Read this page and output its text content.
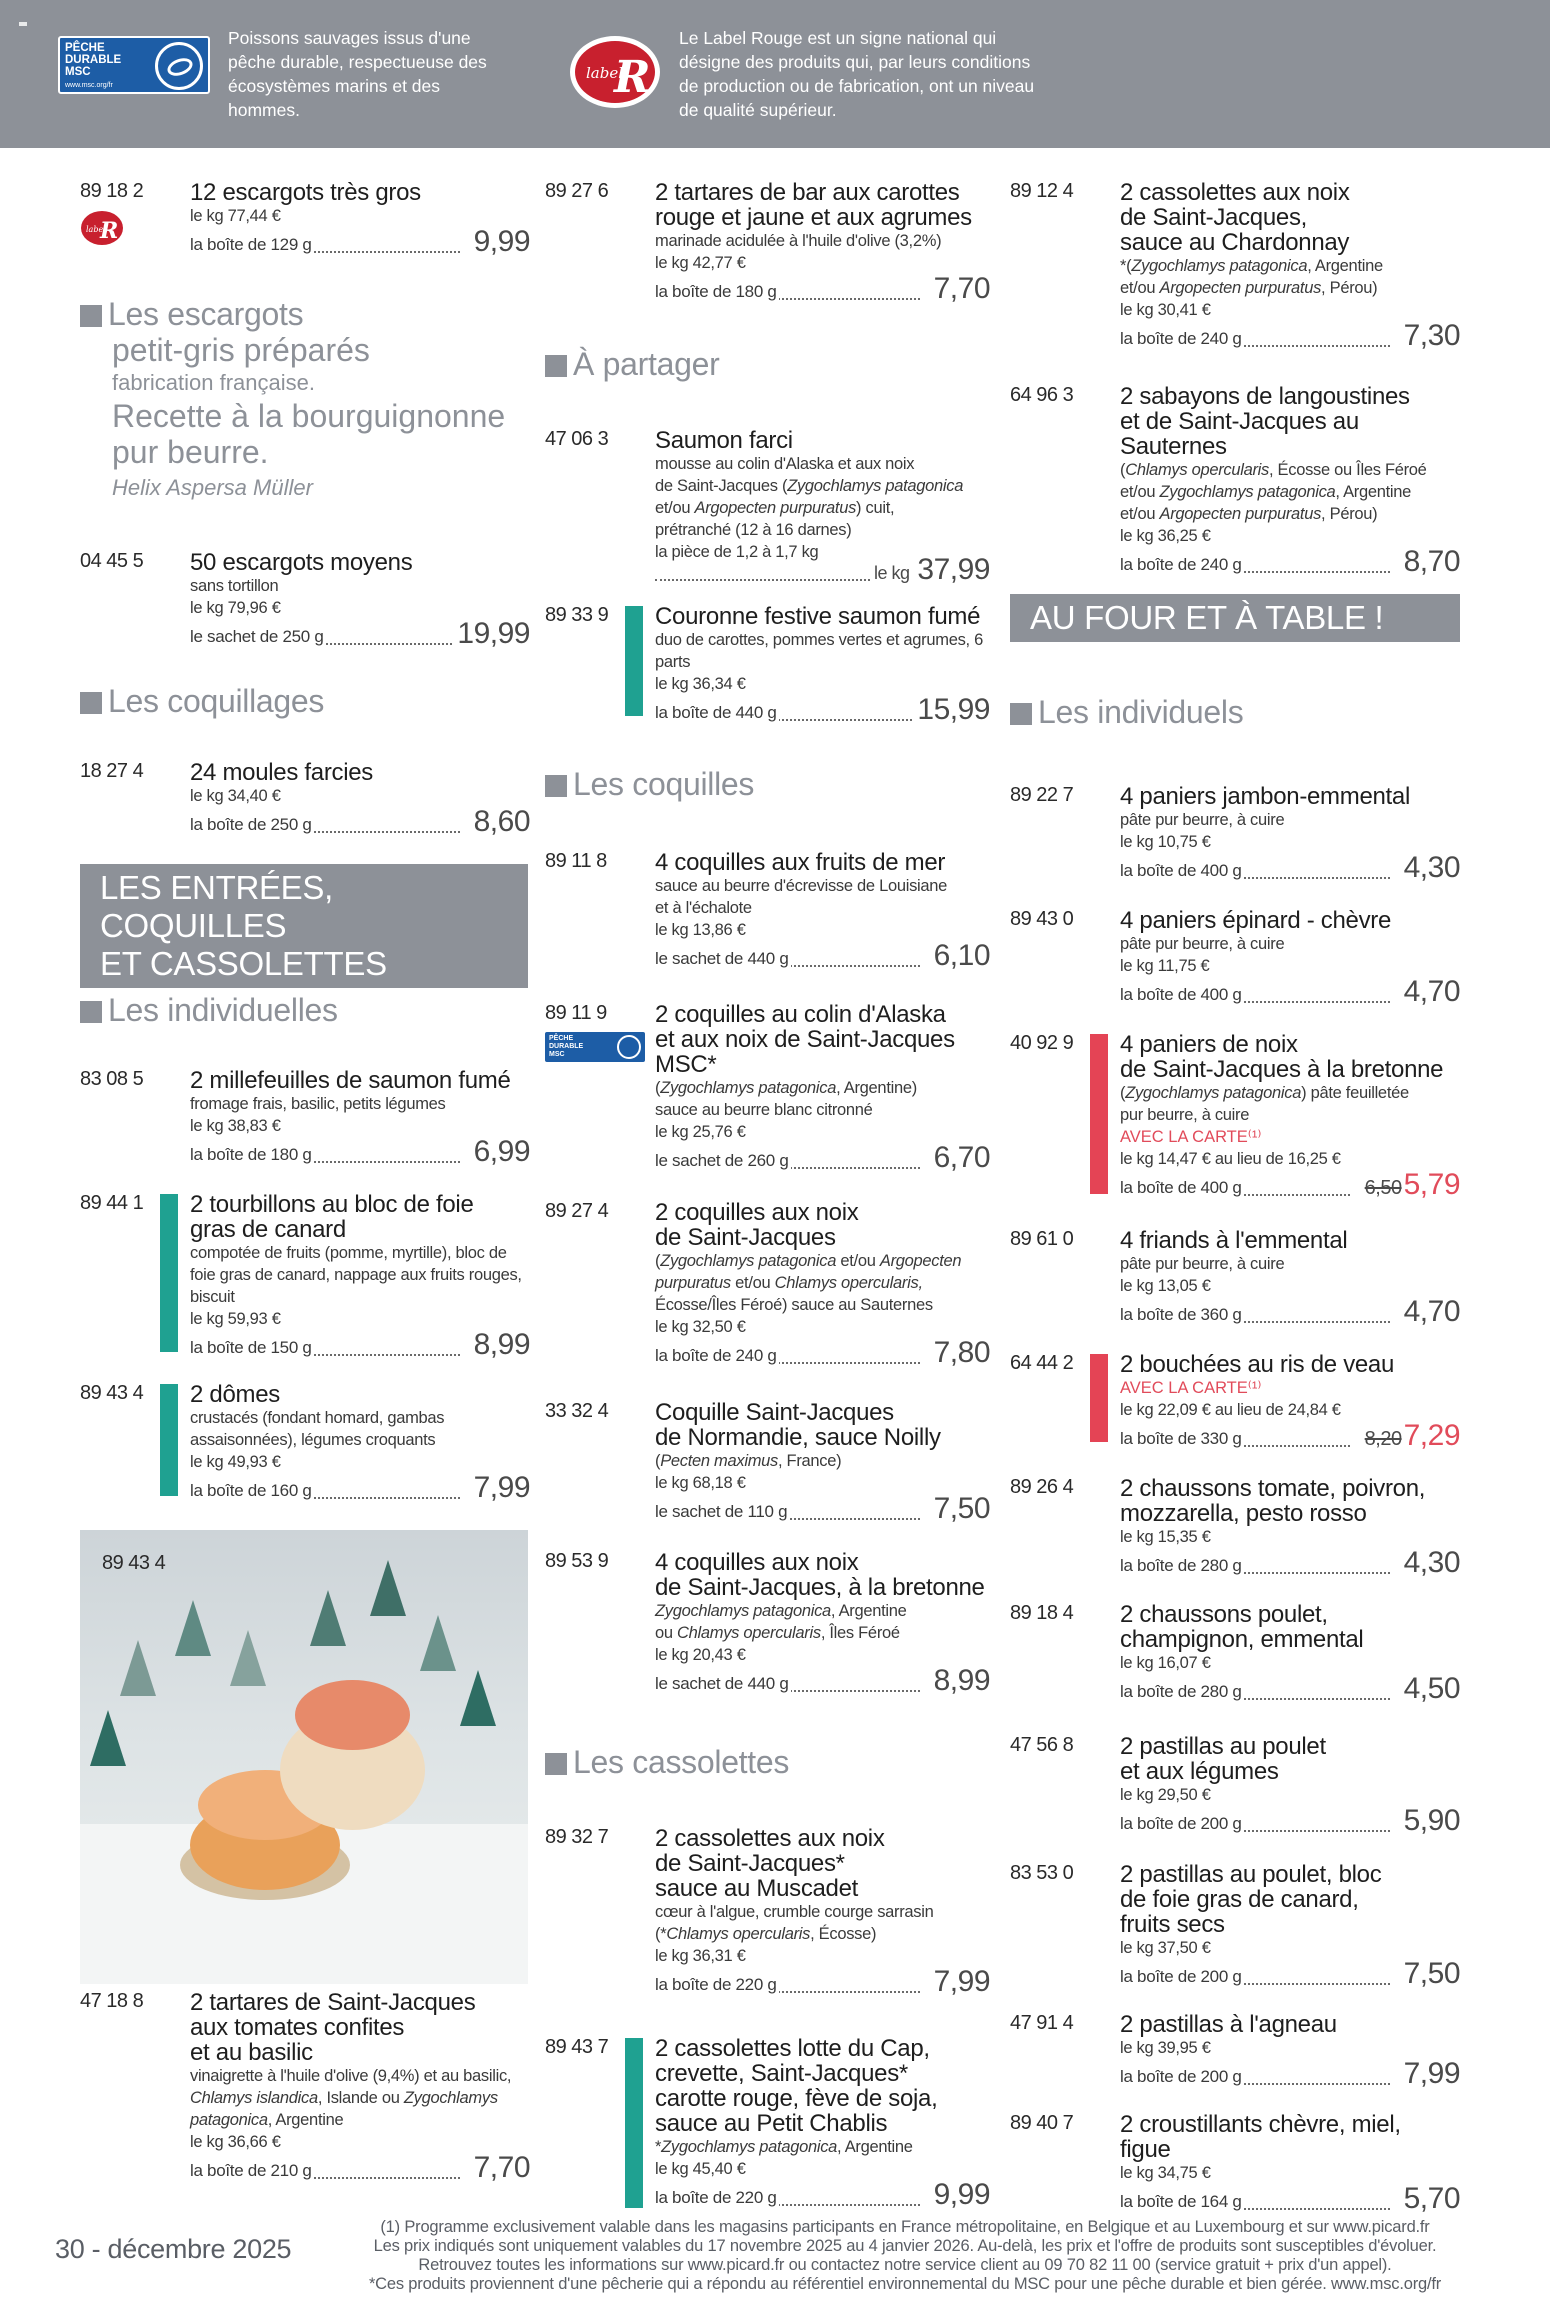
PÊCHE
DURABLE
MSC
www.msc.org/fr
Poissons sauvages issus d'une pêche durable, respectueuse des écosystèmes marins et des hommes.
label
R
Le Label Rouge est un signe national qui désigne des produits qui, par leurs conditions de production ou de fabrication, ont un niveau de qualité supérieur.
89 18 2
label
R
12 escargots très gros
le kg 77,44 €
la boîte de 129 g	9,99
Les escargots
petit-gris préparés
fabrication française.
Recette à la bourguignonne
pur beurre.
Helix Aspersa Müller
04 45 5 50 escargots moyens
sans tortillon
le kg 79,96 €
le sachet de 250 g	19,99
Les coquillages
18 27 4 24 moules farcies
le kg 34,40 €
la boîte de 250 g	8,60
LES ENTRÉES, COQUILLES
ET CASSOLETTES
Les individuelles
83 08 5 2 millefeuilles de saumon fumé
fromage frais, basilic, petits légumes
le kg 38,83 €
la boîte de 180 g	6,99
89 44 1 2 tourbillons au bloc de foie
gras de canard
compotée de fruits (pomme, myrtille), bloc de foie gras de canard, nappage aux fruits rouges, biscuit
le kg 59,93 €
la boîte de 150 g	8,99
89 43 4 2 dômes
crustacés (fondant homard, gambas assaisonnées), légumes croquants
le kg 49,93 €
la boîte de 160 g	7,99
47 18 8 2 tartares de Saint-Jacques
aux tomates confites
et au basilic
vinaigrette à l'huile d'olive (9,4%) et au basilic,
Chlamys islandica, Islande ou Zygochlamys
patagonica, Argentine
le kg 36,66 €
la boîte de 210 g	7,70
89 43 4
89 27 6 2 tartares de bar aux carottes
rouge et jaune et aux agrumes
marinade acidulée à l'huile d'olive (3,2%)
le kg 42,77 €
la boîte de 180 g	7,70
À partager
47 06 3 Saumon farci
mousse au colin d'Alaska et aux noix
de Saint-Jacques (Zygochlamys patagonica
et/ou Argopecten purpuratus) cuit,
prétranché (12 à 16 darnes)
la pièce de 1,2 à 1,7 kg
le kg 37,99
89 33 9 Couronne festive saumon fumé
duo de carottes, pommes vertes et agrumes, 6 parts
le kg 36,34 €
la boîte de 440 g	15,99
Les coquilles
89 11 8 4 coquilles aux fruits de mer
sauce au beurre d'écrevisse de Louisiane
et à l'échalote
le kg 13,86 €
le sachet de 440 g	6,10
89 11 9
PÊCHE
DURABLE
MSC
2 coquilles au colin d'Alaska
et aux noix de Saint-Jacques
MSC*
(Zygochlamys patagonica, Argentine)
sauce au beurre blanc citronné
le kg 25,76 €
le sachet de 260 g	6,70
89 27 4 2 coquilles aux noix
de Saint-Jacques
(Zygochlamys patagonica et/ou Argopecten
purpuratus et/ou Chlamys opercularis,
Écosse/Îles Féroé) sauce au Sauternes
le kg 32,50 €
la boîte de 240 g	7,80
33 32 4 Coquille Saint-Jacques
de Normandie, sauce Noilly
(Pecten maximus, France)
le kg 68,18 €
le sachet de 110 g	7,50
89 53 9 4 coquilles aux noix
de Saint-Jacques, à la bretonne
Zygochlamys patagonica, Argentine
ou Chlamys opercularis, Îles Féroé
le kg 20,43 €
le sachet de 440 g	8,99
Les cassolettes
89 32 7 2 cassolettes aux noix
de Saint-Jacques*
sauce au Muscadet
cœur à l'algue, crumble courge sarrasin
(*Chlamys opercularis, Écosse)
le kg 36,31 €
la boîte de 220 g	7,99
89 43 7 2 cassolettes lotte du Cap,
crevette, Saint-Jacques*
carotte rouge, fève de soja,
sauce au Petit Chablis
*Zygochlamys patagonica, Argentine
le kg 45,40 €
la boîte de 220 g	9,99
89 12 4 2 cassolettes aux noix
de Saint-Jacques,
sauce au Chardonnay
*(Zygochlamys patagonica, Argentine
et/ou Argopecten purpuratus, Pérou)
le kg 30,41 €
la boîte de 240 g	7,30
64 96 3 2 sabayons de langoustines
et de Saint-Jacques au Sauternes
(Chlamys opercularis, Écosse ou Îles Féroé
et/ou Zygochlamys patagonica, Argentine
et/ou Argopecten purpuratus, Pérou)
le kg 36,25 €
la boîte de 240 g	8,70
AU FOUR ET À TABLE !
Les individuels
89 22 7 4 paniers jambon-emmental
pâte pur beurre, à cuire
le kg 10,75 €
la boîte de 400 g	4,30
89 43 0 4 paniers épinard - chèvre
pâte pur beurre, à cuire
le kg 11,75 €
la boîte de 400 g	4,70
40 92 9 4 paniers de noix
de Saint-Jacques à la bretonne
(Zygochlamys patagonica) pâte feuilletée
pur beurre, à cuire
AVEC LA CARTE⁽¹⁾
le kg 14,47 € au lieu de 16,25 €
la boîte de 400 g	6,505,79
89 61 0 4 friands à l'emmental
pâte pur beurre, à cuire
le kg 13,05 €
la boîte de 360 g	4,70
64 44 2 2 bouchées au ris de veau
AVEC LA CARTE⁽¹⁾
le kg 22,09 € au lieu de 24,84 €
la boîte de 330 g	8,207,29
89 26 4 2 chaussons tomate, poivron,
mozzarella, pesto rosso
le kg 15,35 €
la boîte de 280 g	4,30
89 18 4 2 chaussons poulet,
champignon, emmental
le kg 16,07 €
la boîte de 280 g	4,50
47 56 8 2 pastillas au poulet
et aux légumes
le kg 29,50 €
la boîte de 200 g	5,90
83 53 0 2 pastillas au poulet, bloc
de foie gras de canard,
fruits secs
le kg 37,50 €
la boîte de 200 g	7,50
47 91 4 2 pastillas à l'agneau
le kg 39,95 €
la boîte de 200 g	7,99
89 40 7 2 croustillants chèvre, miel,
figue
le kg 34,75 €
la boîte de 164 g	5,70
30 - décembre 2025
(1) Programme exclusivement valable dans les magasins participants en France métropolitaine, en Belgique et au Luxembourg et sur www.picard.fr
Les prix indiqués sont uniquement valables du 17 novembre 2025 au 4 janvier 2026. Au-delà, les prix et l'offre de produits sont susceptibles d'évoluer.
Retrouvez toutes les informations sur www.picard.fr ou contactez notre service client au 09 70 82 11 00 (service gratuit + prix d'un appel).
*Ces produits proviennent d'une pêcherie qui a répondu au référentiel environnemental du MSC pour une pêche durable et bien gérée. www.msc.org/fr
